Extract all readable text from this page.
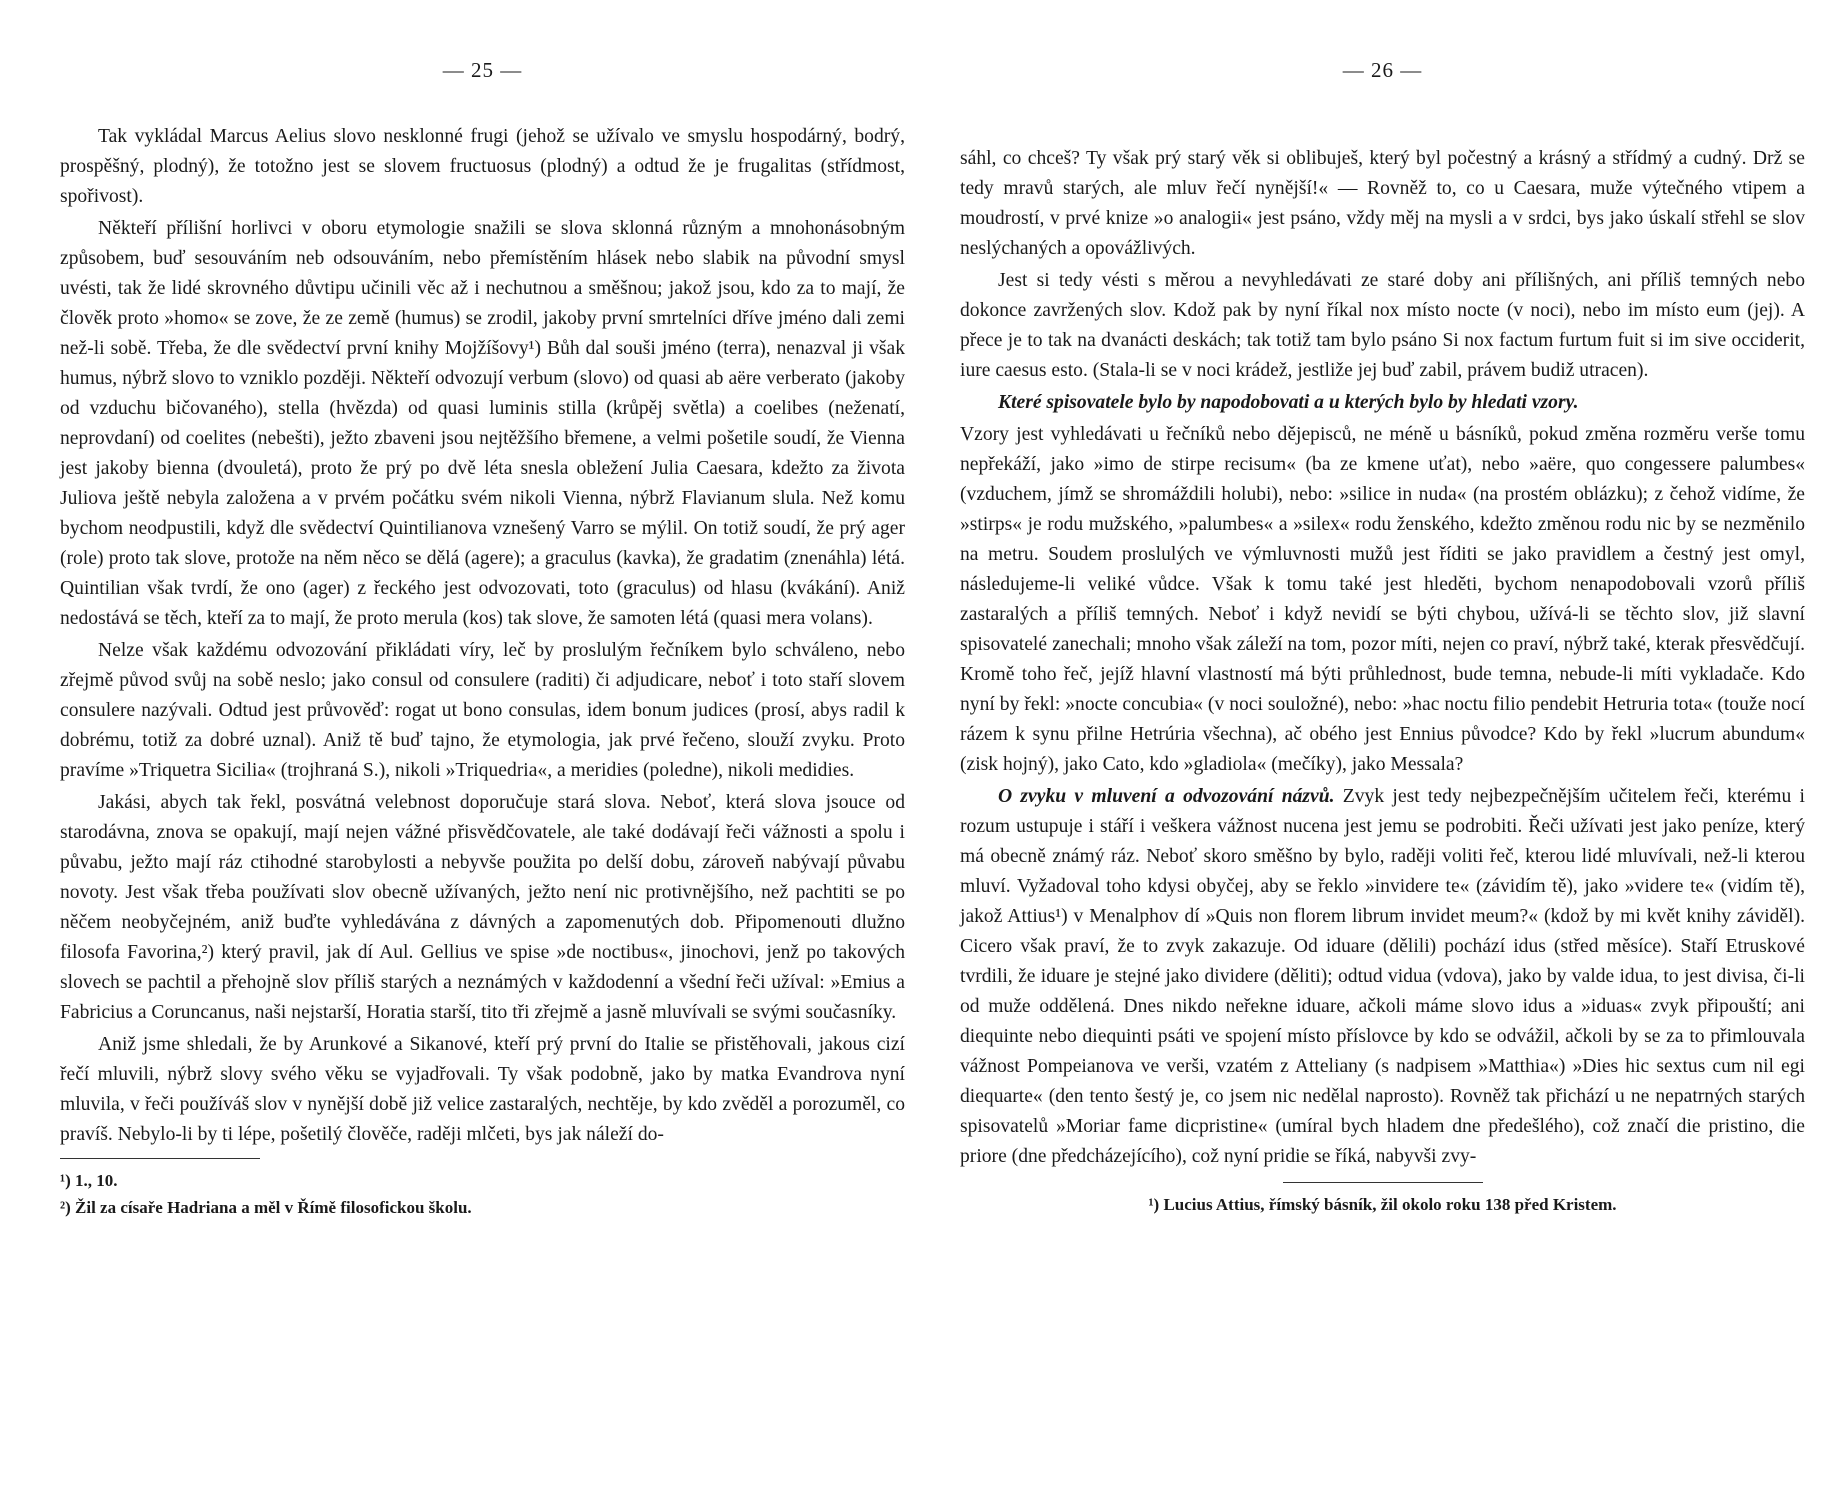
— 25 —

Tak vykládal Marcus Aelius slovo nesklonné frugi (jehož se užívalo ve smyslu hospodárný, bodrý, prospěšný, plodný), že totožno jest se slovem fructuosus (plodný) a odtud že je frugalitas (střídmost, spořivost).

Někteří přílišní horlivci v oboru etymologie snažili se slova sklonná různým a mnohonásobným způsobem, buď sesouváním neb odsouváním, nebo přemístěním hlásek nebo slabik na původní smysl uvésti, tak že lidé skrovného důvtipu učinili věc až i nechutnou a směšnou; jakož jsou, kdo za to mají, že člověk proto »homo« se zove, že ze země (humus) se zrodil, jakoby první smrtelníci dříve jméno dali zemi než-li sobě. Třeba, že dle svědectví první knihy Mojžíšovy¹) Bůh dal souši jméno (terra), nenazval ji však humus, nýbrž slovo to vzniklo později. Někteří odvozují verbum (slovo) od quasi ab aëre verberato (jakoby od vzduchu bičovaného), stella (hvězda) od quasi luminis stilla (krůpěj světla) a coelibes (neženatí, neprovdaní) od coelites (nebešti), ježto zbaveni jsou nejtěžšího břemene, a velmi pošetile soudí, že Vienna jest jakoby bienna (dvouletá), proto že prý po dvě léta snesla obležení Julia Caesara, kdežto za života Juliova ještě nebyla založena a v prvém počátku svém nikoli Vienna, nýbrž Flavianum slula. Než komu bychom neodpustili, když dle svědectví Quintilianova vznešený Varro se mýlil. On totiž soudí, že prý ager (role) proto tak slove, protože na něm něco se dělá (agere); a graculus (kavka), že gradatim (znenáhla) létá. Quintilian však tvrdí, že ono (ager) z řeckého jest odvozovati, toto (graculus) od hlasu (kvákání). Aniž nedostává se těch, kteří za to mají, že proto merula (kos) tak slove, že samoten létá (quasi mera volans).

Nelze však každému odvozování přikládati víry, leč by proslulým řečníkem bylo schváleno, nebo zřejmě původ svůj na sobě neslo; jako consul od consulere (raditi) či adjudicare, neboť i toto staří slovem consulere nazývali. Odtud jest průvověď: rogat ut bono consulas, idem bonum judices (prosí, abys radil k dobrému, totiž za dobré uznal). Aniž tě buď tajno, že etymologia, jak prvé řečeno, slouží zvyku. Proto pravíme »Triquetra Sicilia« (trojhraná S.), nikoli »Triquedria«, a meridies (poledne), nikoli medidies.

Jakási, abych tak řekl, posvátná velebnost doporučuje stará slova. Neboť, která slova jsouce od starodávna, znova se opakují, mají nejen vážné přisvědčovatele, ale také dodávají řeči vážnosti a spolu i půvabu, ježto mají ráz ctihodné starobylosti a nebyvše použita po delší dobu, zároveň nabývají půvabu novoty. Jest však třeba používati slov obecně užívaných, ježto není nic protivnějšího, než pachtiti se po něčem neobyčejném, aniž buďte vyhledávána z dávných a zapomenutých dob. Připomenouti dlužno filosofa Favorina,²) který pravil, jak dí Aul. Gellius ve spise »de noctibus«, jinochovi, jenž po takových slovech se pachtil a přehojně slov příliš starých a neznámých v každodenní a všední řeči užíval: »Emius a Fabricius a Coruncanus, naši nejstarší, Horatia starší, tito tři zřejmě a jasně mluvívali se svými současníky.

Aniž jsme shledali, že by Arunkové a Sikanové, kteří prý první do Italie se přistěhovali, jakous cizí řečí mluvili, nýbrž slovy svého věku se vyjadřovali. Ty však podobně, jako by matka Evandrova nyní mluvila, v řeči používáš slov v nynější době již velice zastaralých, nechtěje, by kdo zvěděl a porozuměl, co pravíš. Nebylo-li by ti lépe, pošetilý člověče, raději mlčeti, bys jak náleží do-

¹) 1., 10.
²) Žil za císaře Hadriana a měl v Římě filosofickou školu.
— 26 —

sáhl, co chceš? Ty však prý starý věk si oblibuješ, který byl počestný a krásný a střídmý a cudný. Drž se tedy mravů starých, ale mluv řečí nynější!« — Rovněž to, co u Caesara, muže výtečného vtipem a moudrostí, v prvé knize »o analogii« jest psáno, vždy měj na mysli a v srdci, bys jako úskalí střehl se slov neslýchaných a opovážlivých.

Jest si tedy vésti s měrou a nevyhledávati ze staré doby ani přílišných, ani příliš temných nebo dokonce zavržených slov. Kdož pak by nyní říkal nox místo nocte (v noci), nebo im místo eum (jej). A přece je to tak na dvanácti deskách; tak totiž tam bylo psáno Si nox factum furtum fuit si im sive occiderit, iure caesus esto. (Stala-li se v noci krádež, jestliže jej buď zabil, právem budiž utracen).

Které spisovatele bylo by napodobovati a u kterých bylo by hledati vzory.

Vzory jest vyhledávati u řečníků nebo dějepisců, ne méně u básníků, pokud změna rozměru verše tomu nepřekáží, jako »imo de stirpe recisum« (ba ze kmene uťat), nebo »aëre, quo congessere palumbes« (vzduchem, jímž se shromáždili holubi), nebo: »silice in nuda« (na prostém oblázku); z čehož vidíme, že »stirps« je rodu mužského, »palumbes« a »silex« rodu ženského, kdežto změnou rodu nic by se nezměnilo na metru. Soudem proslulých ve výmluvnosti mužů jest říditi se jako pravidlem a čestný jest omyl, následujeme-li veliké vůdce. Však k tomu také jest hleděti, bychom nenapodobovali vzorů příliš zastaralých a příliš temných. Neboť i když nevidí se býti chybou, užívá-li se těchto slov, již slavní spisovatelé zanechali; mnoho však záleží na tom, pozor míti, nejen co praví, nýbrž také, kterak přesvědčují. Kromě toho řeč, jejíž hlavní vlastností má býti průhlednost, bude temna, nebude-li míti vykladače. Kdo nyní by řekl: »nocte concubia« (v noci souložné), nebo: »hac noctu filio pendebit Hetruria tota« (touže nocí rázem k synu přilne Hetrúria všechna), ač obého jest Ennius původce? Kdo by řekl »lucrum abundum« (zisk hojný), jako Cato, kdo »gladiola« (mečíky), jako Messala?

O zvyku v mluvení a odvozování názvů. Zvyk jest tedy nejbezpečnějším učitelem řeči, kterému i rozum ustupuje i stáří i veškera vážnost nucena jest jemu se podrobiti. Řeči užívati jest jako peníze, který má obecně známý ráz. Neboť skoro směšno by bylo, raději voliti řeč, kterou lidé mluvívali, než-li kterou mluví. Vyžadoval toho kdysi obyčej, aby se řeklo »invidere te« (závidím tě), jako »videre te« (vidím tě), jakož Attius¹) v Menalphov dí »Quis non florem librum invidet meum?« (kdož by mi květ knihy záviděl). Cicero však praví, že to zvyk zakazuje. Od iduare (dělili) pochází idus (střed měsíce). Staří Etruskové tvrdili, že iduare je stejné jako dividere (děliti); odtud vidua (vdova), jako by valde idua, to jest divisa, či-li od muže oddělená. Dnes nikdo neřekne iduare, ačkoli máme slovo idus a »iduas« zvyk připouští; ani diequinte nebo diequinti psáti ve spojení místo příslovce by kdo se odvážil, ačkoli by se za to přimlouvala vážnost Pompeianova ve verši, vzatém z Atteliany (s nadpisem »Matthia«) »Dies hic sextus cum nil egi diequarte« (den tento šestý je, co jsem nic nedělal naprosto). Rovněž tak přichází u ne nepatrných starých spisovatelů »Moriar fame dicpristine« (umíral bych hladem dne předešlého), což značí die pristino, die priore (dne předcházejícího), což nyní pridie se říká, nabyvši zvy-

¹) Lucius Attius, římský básník, žil okolo roku 138 před Kristem.
